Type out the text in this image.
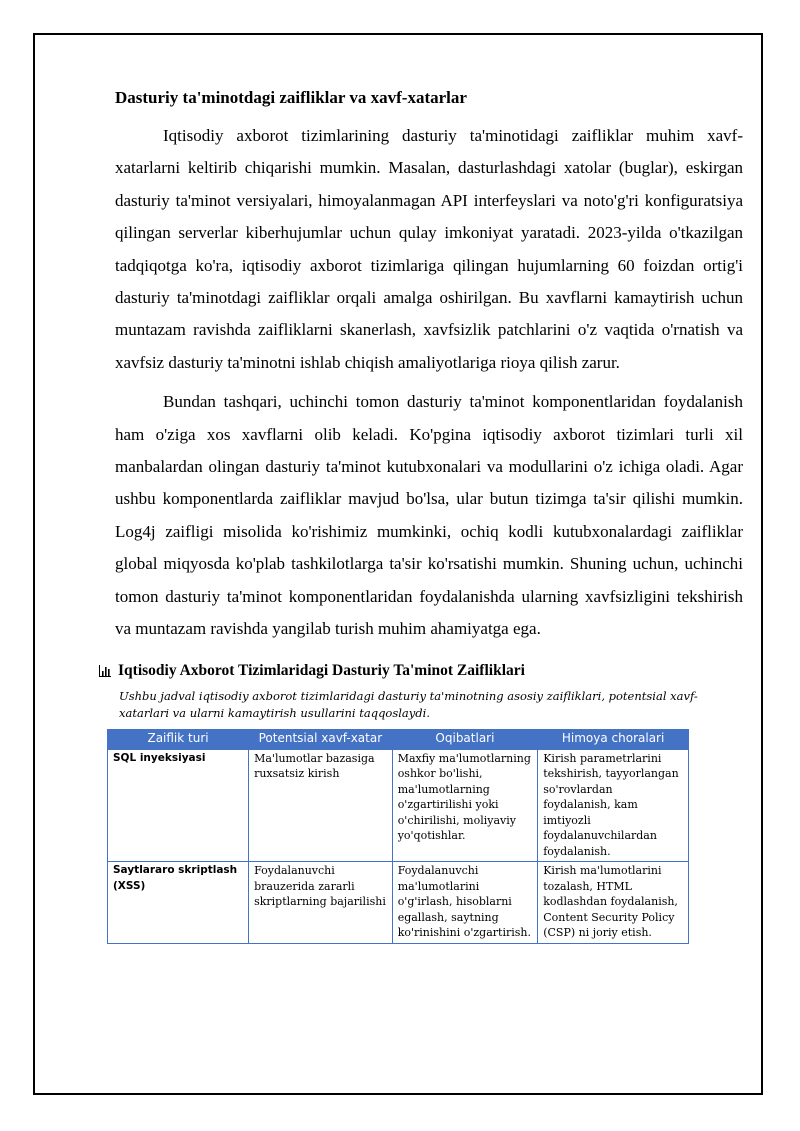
Dasturiy ta'minotdagi zaifliklar va xavf-xatarlar

Iqtisodiy axborot tizimlarining dasturiy ta'minotidagi zaifliklar muhim xavf-xatarlarni keltirib chiqarishi mumkin. Masalan, dasturlashdagi xatolar (buglar), eskirgan dasturiy ta'minot versiyalari, himoyalanmagan API interfeyslari va noto'g'ri konfiguratsiya qilingan serverlar kiberhujumlar uchun qulay imkoniyat yaratadi. 2023-yilda o'tkazilgan tadqiqotga ko'ra, iqtisodiy axborot tizimlariga qilingan hujumlarning 60 foizdan ortig'i dasturiy ta'minotdagi zaifliklar orqali amalga oshirilgan. Bu xavflarni kamaytirish uchun muntazam ravishda zaifliklarni skanerlash, xavfsizlik patchlarini o'z vaqtida o'rnatish va xavfsiz dasturiy ta'minotni ishlab chiqish amaliyotlariga rioya qilish zarur.

Bundan tashqari, uchinchi tomon dasturiy ta'minot komponentlaridan foydalanish ham o'ziga xos xavflarni olib keladi. Ko'pgina iqtisodiy axborot tizimlari turli xil manbalardan olingan dasturiy ta'minot kutubxonalari va modullarini o'z ichiga oladi. Agar ushbu komponentlarda zaifliklar mavjud bo'lsa, ular butun tizimga ta'sir qilishi mumkin. Log4j zaifligi misolida ko'rishimiz mumkinki, ochiq kodli kutubxonalardagi zaifliklar global miqyosda ko'plab tashkilotlarga ta'sir ko'rsatishi mumkin. Shuning uchun, uchinchi tomon dasturiy ta'minot komponentlaridan foydalanishda ularning xavfsizligini tekshirish va muntazam ravishda yangilab turish muhim ahamiyatga ega.

Iqtisodiy Axborot Tizimlaridagi Dasturiy Ta'minot Zaifliklari
Ushbu jadval iqtisodiy axborot tizimlaridagi dasturiy ta'minotning asosiy zaifliklari, potentsial xavf-xatarlari va ularni kamaytirish usullarini taqqoslaydi.
Zaiflik turi	Potentsial xavf-xatar	Oqibatlari	Himoya choralari
SQL inyeksiyasi	Ma'lumotlar bazasiga ruxsatsiz kirish	Maxfiy ma'lumotlarning oshkor bo'lishi, ma'lumotlarning o'zgartirilishi yoki o'chirilishi, moliyaviy yo'qotishlar.	Kirish parametrlarini tekshirish, tayyorlangan so'rovlardan foydalanish, kam imtiyozli foydalanuvchilardan foydalanish.
Saytlararo skriptlash (XSS)	Foydalanuvchi brauzerida zararli skriptlarning bajarilishi	Foydalanuvchi ma'lumotlarini o'g'irlash, hisoblarni egallash, saytning ko'rinishini o'zgartirish.	Kirish ma'lumotlarini tozalash, HTML kodlashdan foydalanish, Content Security Policy (CSP) ni joriy etish.
